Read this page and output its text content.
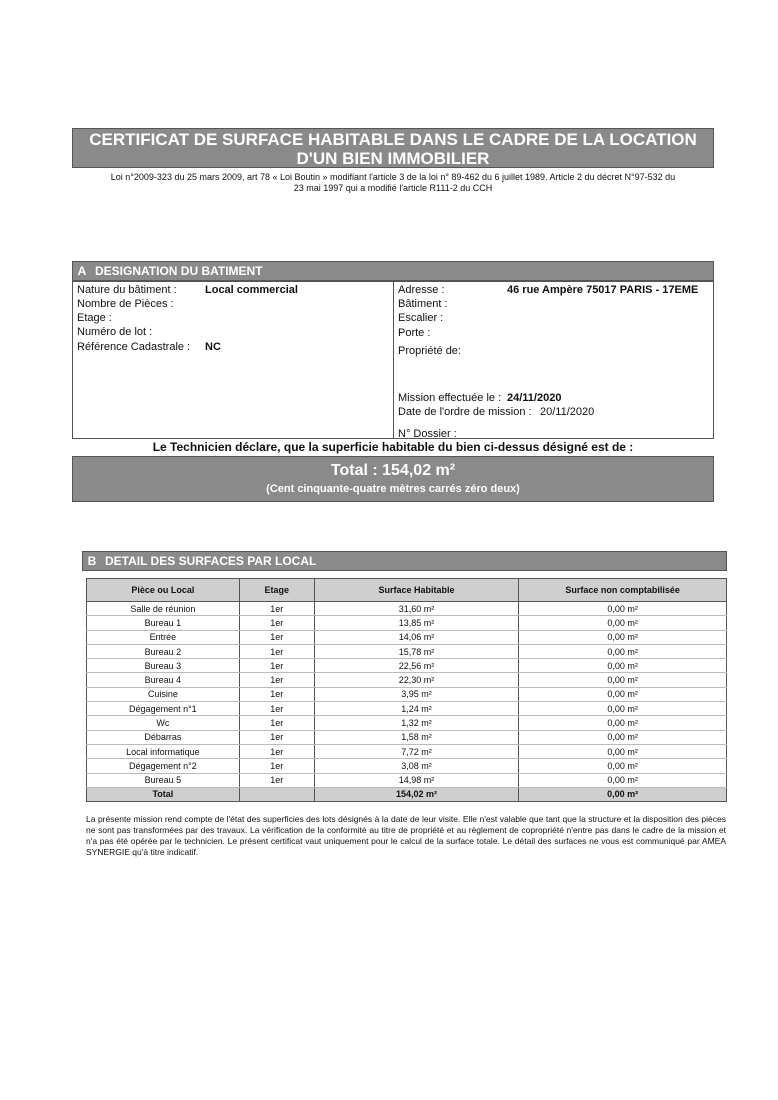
CERTIFICAT DE SURFACE HABITABLE DANS LE CADRE DE LA LOCATION
D'UN BIEN IMMOBILIER
Loi n°2009-323 du 25 mars 2009, art 78 « Loi Boutin » modifiant l'article 3 de la loi n° 89-462 du 6 juillet 1989. Article 2 du décret N°97-532 du
23 mai 1997 qui a modifié l'article R111-2 du CCH
A DESIGNATION DU BATIMENT
Nature du bâtiment :	Local commercial
Nombre de Pièces :
Etage :
Numéro de lot :
Référence Cadastrale : NC
Adresse :	46 rue Ampère 75017 PARIS - 17EME
Bâtiment :
Escalier :
Porte :
Propriété de:
Mission effectuée le : 24/11/2020
Date de l'ordre de mission : 20/11/2020
N° Dossier :
Le Technicien déclare, que la superficie habitable du bien ci-dessus désigné est de :
Total : 154,02 m²
(Cent cinquante-quatre mètres carrés zéro deux)
B DETAIL DES SURFACES PAR LOCAL
Pièce ou Local	Etage	Surface Habitable	Surface non comptabilisée
Salle de réunion	1er	31,60 m²	0,00 m²
Bureau 1	1er	13,85 m²	0,00 m²
Entrée	1er	14,06 m²	0,00 m²
Bureau 2	1er	15,78 m²	0,00 m²
Bureau 3	1er	22,56 m²	0,00 m²
Bureau 4	1er	22,30 m²	0,00 m²
Cuisine	1er	3,95 m²	0,00 m²
Dégagement n°1	1er	1,24 m²	0,00 m²
Wc	1er	1,32 m²	0,00 m²
Débarras	1er	1,58 m²	0,00 m²
Local informatique	1er	7,72 m²	0,00 m²
Dégagement n°2	1er	3,08 m²	0,00 m²
Bureau 5	1er	14,98 m²	0,00 m²
Total		154,02 m²	0,00 m²
La présente mission rend compte de l'état des superficies des lots désignés à la date de leur visite. Elle n'est valable que tant que la structure et la disposition des pièces ne sont pas transformées par des travaux. La vérification de la conformité au titre de propriété et au règlement de copropriété n'entre pas dans le cadre de la mission et n'a pas été opérée par le technicien. Le présent certificat vaut uniquement pour le calcul de la surface totale. Le détail des surfaces ne vous est communiqué par AMEA SYNERGIE qu'à titre indicatif.
